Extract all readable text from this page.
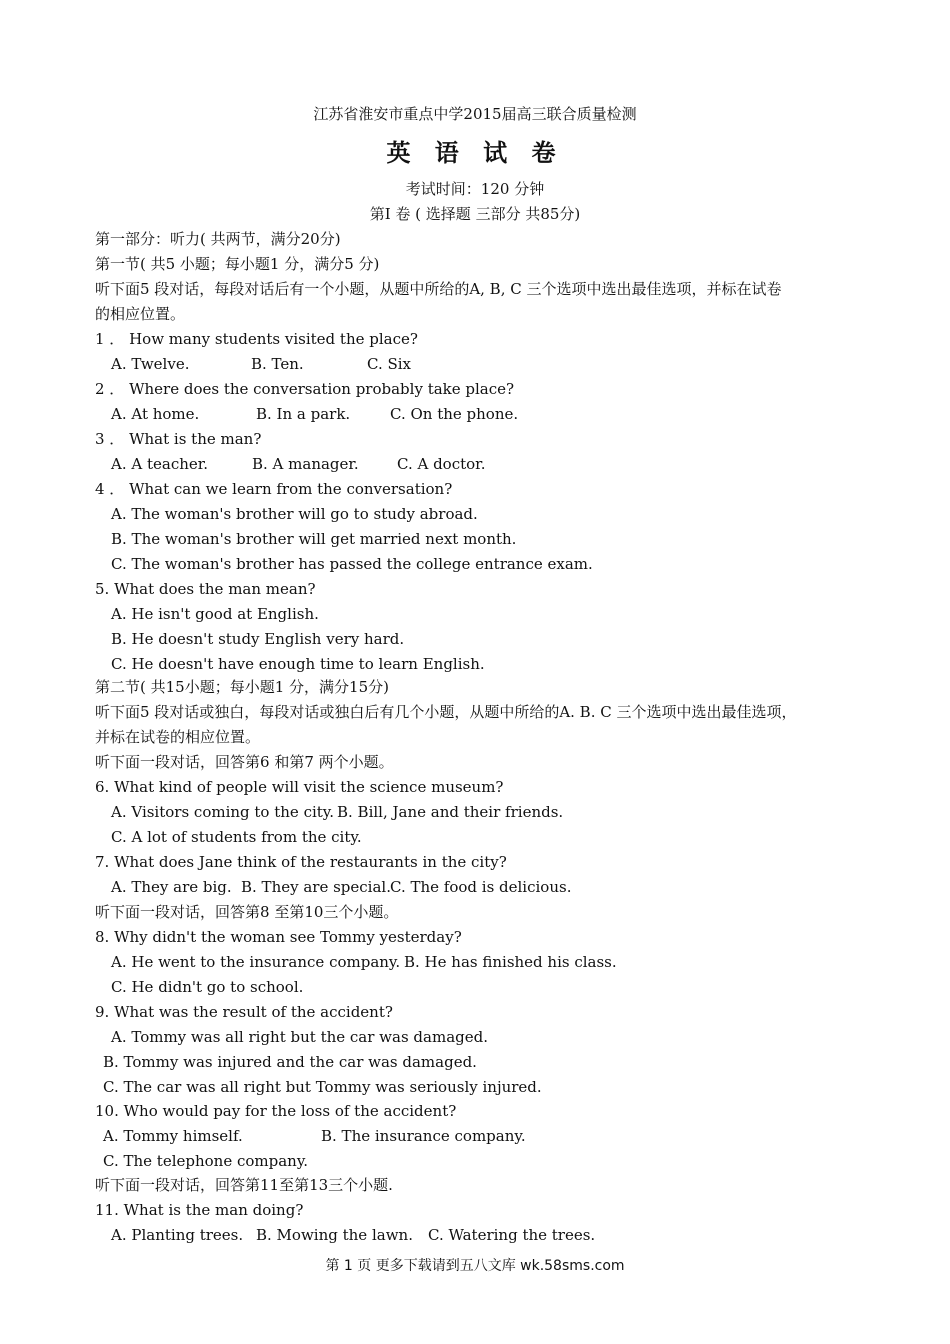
江苏省淮安市重点中学2015届高三联合质量检测
英 语 试 卷
考试时间：120 分钟
第I 卷 ( 选择题 三部分 共85分)
第一部分：听力( 共两节，满分20分)
第一节( 共5 小题；每小题1 分，满分5 分)
听下面5 段对话，每段对话后有一个小题，从题中所给的A, B, C 三个选项中选出最佳选项，并标在试卷
的相应位置。
1 ． How many students visited the place?
A. Twelve.	B. Ten.	C. Six
2 ． Where does the conversation probably take place?
A. At home.	B. In a park.	C. On the phone.
3 ． What is the man?
A. A teacher.	B. A manager.	C. A doctor.
4 ． What can we learn from the conversation?
A. The woman's brother will go to study abroad.
B. The woman's brother will get married next month.
C. The woman's brother has passed the college entrance exam.
5. What does the man mean?
A. He isn't good at English.
B. He doesn't study English very hard.
C. He doesn't have enough time to learn English.
第二节( 共15小题；每小题1 分，满分15分)
听下面5 段对话或独白，每段对话或独白后有几个小题，从题中所给的A. B. C 三个选项中选出最佳选项，
并标在试卷的相应位置。
听下面一段对话，回答第6 和第7 两个小题。
6. What kind of people will visit the science museum?
A. Visitors coming to the city. B. Bill, Jane and their friends.
C. A lot of students from the city.
7. What does Jane think of the restaurants in the city?
A. They are big. B. They are special.C. The food is delicious.
听下面一段对话，回答第8 至第10三个小题。
8. Why didn't the woman see Tommy yesterday?
A. He went to the insurance company. B. He has finished his class.
C. He didn't go to school.
9. What was the result of the accident?
A. Tommy was all right but the car was damaged.
B. Tommy was injured and the car was damaged.
C. The car was all right but Tommy was seriously injured.
10. Who would pay for the loss of the accident?
A. Tommy himself.	B. The insurance company.
C. The telephone company.
听下面一段对话，回答第11至第13三个小题.
11. What is the man doing?
A. Planting trees. B. Mowing the lawn. C. Watering the trees.
第 1 页 更多下载请到五八文库 wk.58sms.com
